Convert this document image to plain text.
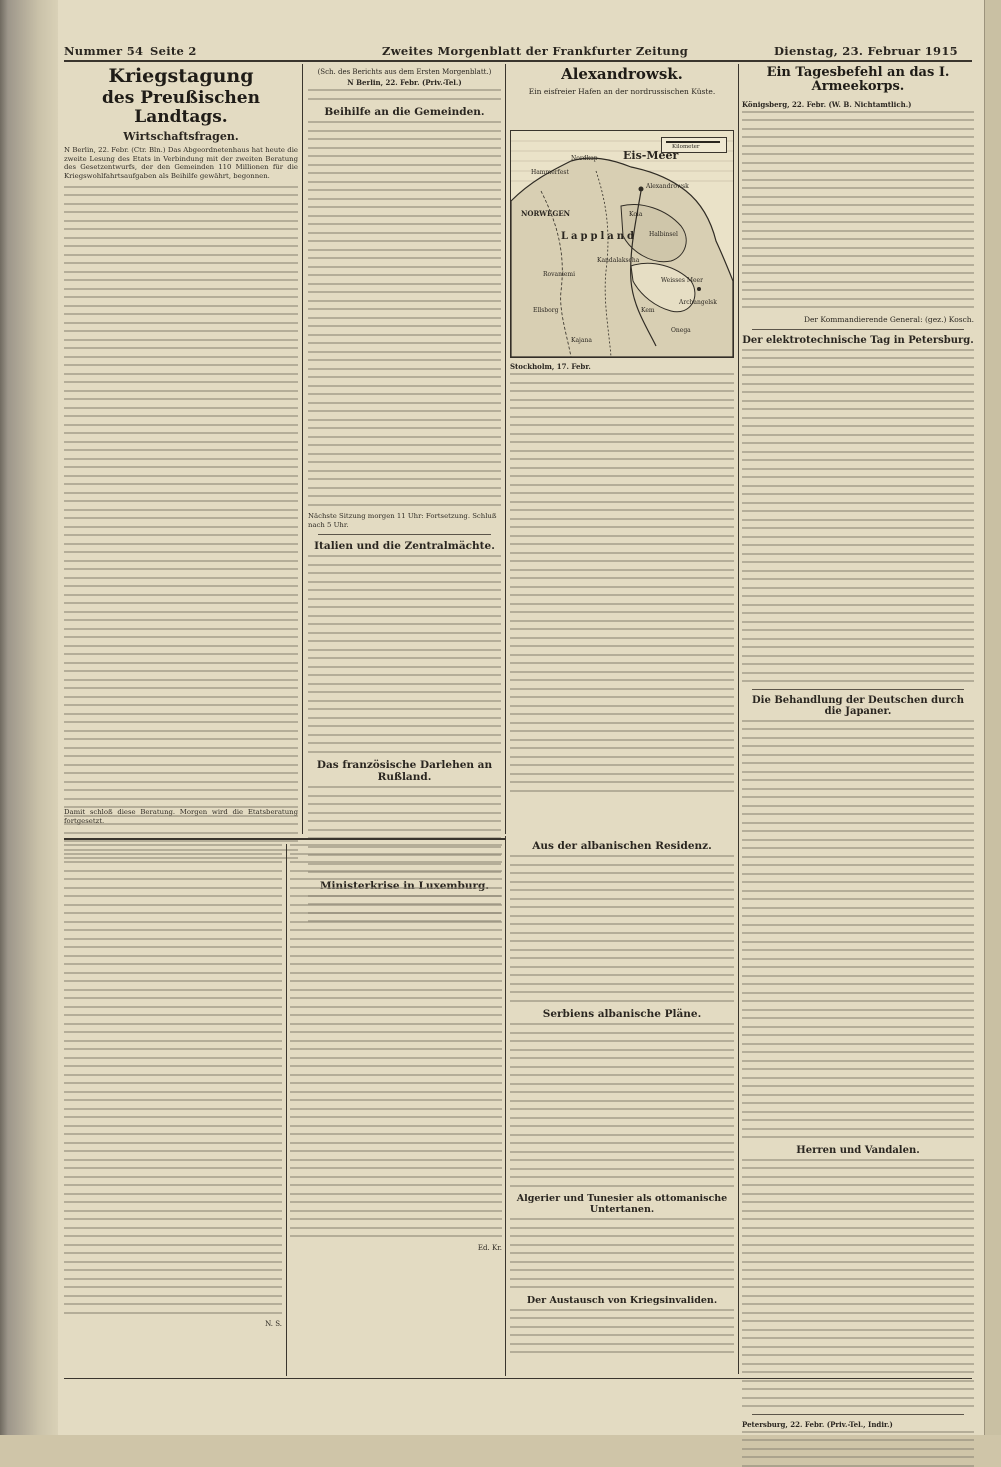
Nummer 54 Seite 2	Zweites Morgenblatt der Frankfurter Zeitung	Dienstag, 23. Februar 1915
Kriegstagung
des Preußischen Landtags.
Wirtschaftsfragen.

N Berlin, 22. Febr. (Ctr. Bln.) Das Abgeordnetenhaus hat heute die zweite Lesung des Etats in Verbindung mit der zweiten Beratung des Gesetzentwurfs, der den Gemeinden 110 Millionen für die Kriegswohlfahrtsaufgaben als Beihilfe gewährt, begonnen.

Damit schloß diese Beratung. Morgen wird die Etatsberatung fortgesetzt.

(Sch. des Berichts aus dem Ersten Morgenblatt.)
N Berlin, 22. Febr. (Priv.-Tel.)
Beihilfe an die Gemeinden.

Nächste Sitzung morgen 11 Uhr: Fortsetzung. Schluß nach 5 Uhr.

Italien und die Zentralmächte.
Das französische Darlehen an Rußland.
Alexandrowsk.
Ein eisfreier Hafen an der nordrussischen Küste.
Kilometer
Eis-Meer
Nordkap
Hammerfest
NORWEGEN
Alexandrowsk
Lappland
Kola
Halbinsel
Kandalakscha
Rovaniemi
Weisses Meer
Archangelsk
Ellsborg	Kem
Onega
Kajana
Stockholm, 17. Febr.
Ein Tagesbefehl an das I. Armeekorps.
Königsberg, 22. Febr. (W. B. Nichtamtlich.)
Der Kommandierende General: (gez.) Kosch.
Der elektrotechnische Tag in Petersburg.
Die Behandlung der Deutschen durch die Japaner.
Herren und Vandalen.
Petersburg, 22. Febr. (Priv.-Tel., Indir.)
Aus der albanischen Residenz.
Serbiens albanische Pläne.
Algerier und Tunesier als ottomanische Untertanen.
Der Austausch von Kriegsinvaliden.
N. S.
Ed. Kr.
